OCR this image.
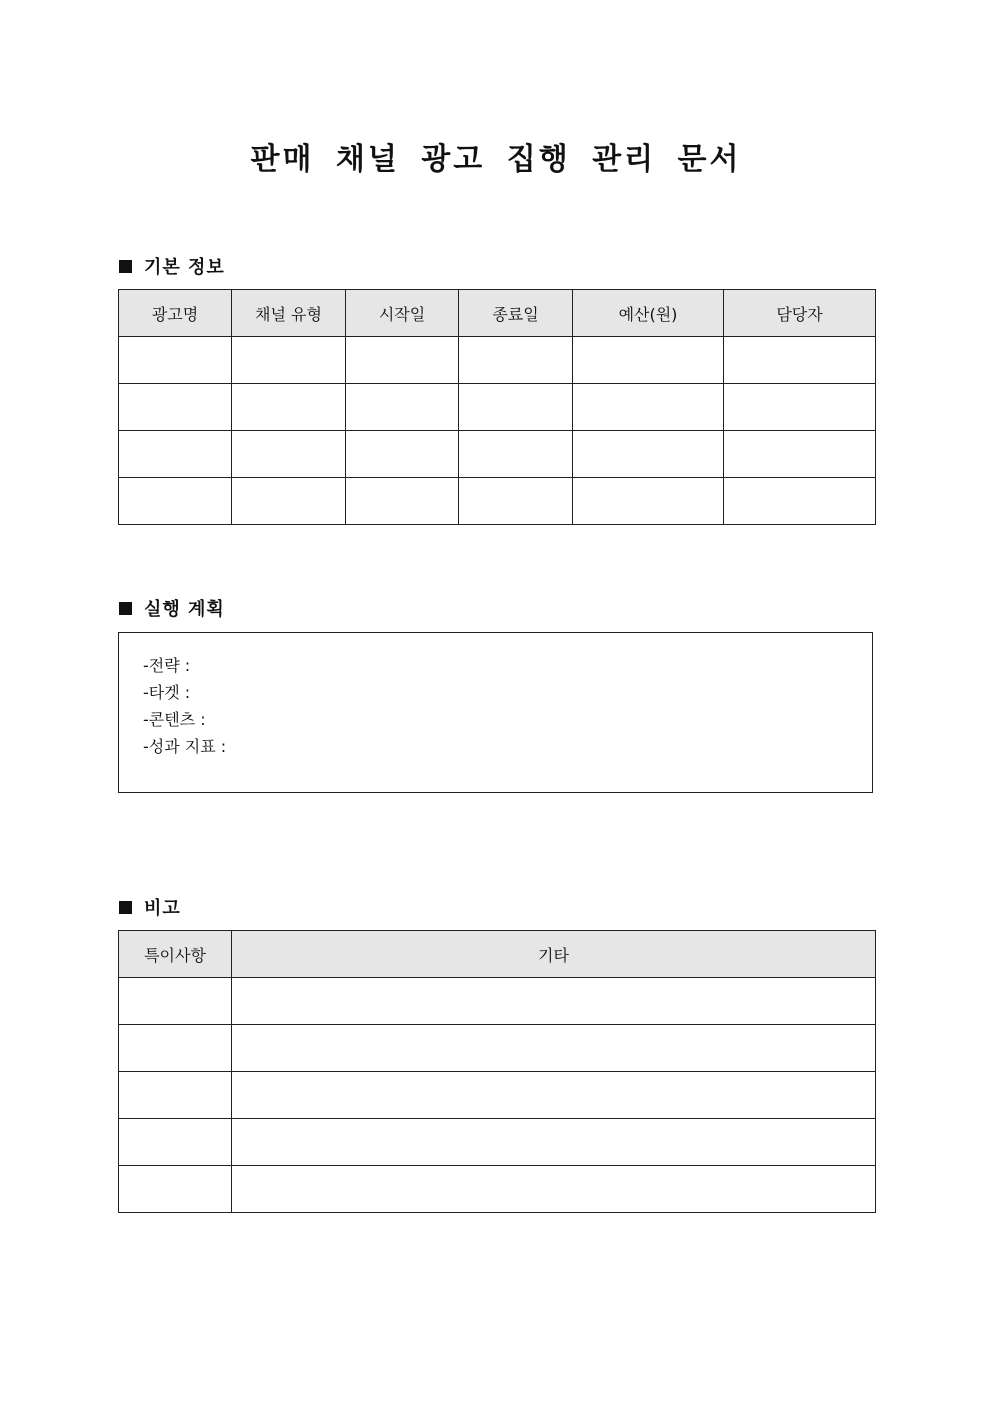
판매 채널 광고 집행 관리 문서
기본 정보
광고명	채널 유형	시작일	종료일	예산(원)	담당자

실행 계획
-전략 :
-타겟 :
-콘텐츠 :
-성과 지표 :
비고
특이사항	기타
